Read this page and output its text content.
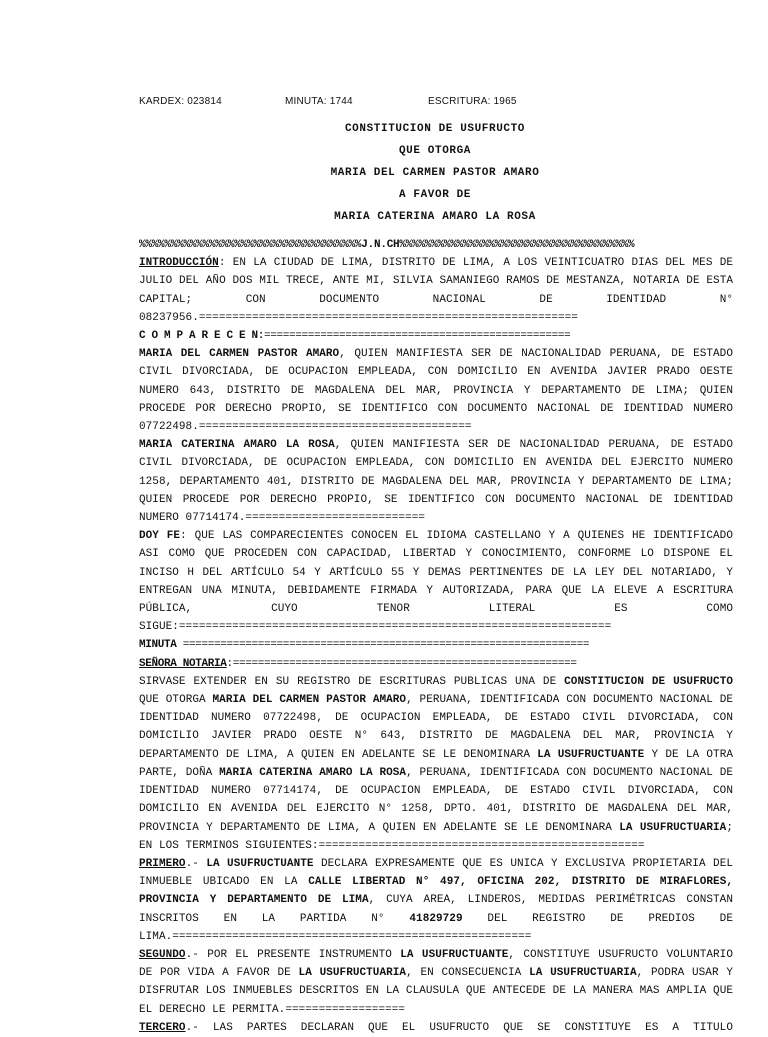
KARDEX: 023814	MINUTA: 1744	ESCRITURA: 1965
CONSTITUCION DE USUFRUCTO
QUE OTORGA
MARIA DEL CARMEN PASTOR AMARO
A FAVOR DE
MARIA CATERINA AMARO LA ROSA

%%%%%%%%%%%%%%%%%%%%%%%%%%%%%%%%%%%J.N.CH%%%%%%%%%%%%%%%%%%%%%%%%%%%%%%%%%%%%%

INTRODUCCIÓN: EN LA CIUDAD DE LIMA, DISTRITO DE LIMA, A LOS VEINTICUATRO DIAS DEL MES DE JULIO DEL AÑO DOS MIL TRECE, ANTE MI, SILVIA SAMANIEGO RAMOS DE MESTANZA, NOTARIA DE ESTA CAPITAL; CON DOCUMENTO NACIONAL DE IDENTIDAD N° 08237956.=========================================================

C O M P A R E C E N:=================================================

MARIA DEL CARMEN PASTOR AMARO, QUIEN MANIFIESTA SER DE NACIONALIDAD PERUANA, DE ESTADO CIVIL DIVORCIADA, DE OCUPACION EMPLEADA, CON DOMICILIO EN AVENIDA JAVIER PRADO OESTE NUMERO 643, DISTRITO DE MAGDALENA DEL MAR, PROVINCIA Y DEPARTAMENTO DE LIMA; QUIEN PROCEDE POR DERECHO PROPIO, SE IDENTIFICO CON DOCUMENTO NACIONAL DE IDENTIDAD NUMERO 07722498.=========================================

MARIA CATERINA AMARO LA ROSA, QUIEN MANIFIESTA SER DE NACIONALIDAD PERUANA, DE ESTADO CIVIL DIVORCIADA, DE OCUPACION EMPLEADA, CON DOMICILIO EN AVENIDA DEL EJERCITO NUMERO 1258, DEPARTAMENTO 401, DISTRITO DE MAGDALENA DEL MAR, PROVINCIA Y DEPARTAMENTO DE LIMA; QUIEN PROCEDE POR DERECHO PROPIO, SE IDENTIFICO CON DOCUMENTO NACIONAL DE IDENTIDAD NUMERO 07714174.===========================

DOY FE: QUE LAS COMPARECIENTES CONOCEN EL IDIOMA CASTELLANO Y A QUIENES HE IDENTIFICADO ASI COMO QUE PROCEDEN CON CAPACIDAD, LIBERTAD Y CONOCIMIENTO, CONFORME LO DISPONE EL INCISO H DEL ARTÍCULO 54 Y ARTÍCULO 55 Y DEMAS PERTINENTES DE LA LEY DEL NOTARIADO, Y ENTREGAN UNA MINUTA, DEBIDAMENTE FIRMADA Y AUTORIZADA, PARA QUE LA ELEVE A ESCRITURA PÚBLICA, CUYO TENOR LITERAL ES COMO SIGUE:=================================================================

MINUTA =================================================================

SEÑORA NOTARIA:=======================================================

SIRVASE EXTENDER EN SU REGISTRO DE ESCRITURAS PUBLICAS UNA DE CONSTITUCION DE USUFRUCTO QUE OTORGA MARIA DEL CARMEN PASTOR AMARO, PERUANA, IDENTIFICADA CON DOCUMENTO NACIONAL DE IDENTIDAD NUMERO 07722498, DE OCUPACION EMPLEADA, DE ESTADO CIVIL DIVORCIADA, CON DOMICILIO JAVIER PRADO OESTE N° 643, DISTRITO DE MAGDALENA DEL MAR, PROVINCIA Y DEPARTAMENTO DE LIMA, A QUIEN EN ADELANTE SE LE DENOMINARA LA USUFRUCTUANTE Y DE LA OTRA PARTE, DOÑA MARIA CATERINA AMARO LA ROSA, PERUANA, IDENTIFICADA CON DOCUMENTO NACIONAL DE IDENTIDAD NUMERO 07714174, DE OCUPACION EMPLEADA, DE ESTADO CIVIL DIVORCIADA, CON DOMICILIO EN AVENIDA DEL EJERCITO N° 1258, DPTO. 401, DISTRITO DE MAGDALENA DEL MAR, PROVINCIA Y DEPARTAMENTO DE LIMA, A QUIEN EN ADELANTE SE LE DENOMINARA LA USUFRUCTUARIA; EN LOS TERMINOS SIGUIENTES:=================================================

PRIMERO.- LA USUFRUCTUANTE DECLARA EXPRESAMENTE QUE ES UNICA Y EXCLUSIVA PROPIETARIA DEL INMUEBLE UBICADO EN LA CALLE LIBERTAD N° 497, OFICINA 202, DISTRITO DE MIRAFLORES, PROVINCIA Y DEPARTAMENTO DE LIMA, CUYA AREA, LINDEROS, MEDIDAS PERIMÉTRICAS CONSTAN INSCRITOS EN LA PARTIDA N° 41829729 DEL REGISTRO DE PREDIOS DE LIMA.======================================================

SEGUNDO.- POR EL PRESENTE INSTRUMENTO LA USUFRUCTUANTE, CONSTITUYE USUFRUCTO VOLUNTARIO DE POR VIDA A FAVOR DE LA USUFRUCTUARIA, EN CONSECUENCIA LA USUFRUCTUARIA, PODRA USAR Y DISFRUTAR LOS INMUEBLES DESCRITOS EN LA CLAUSULA QUE ANTECEDE DE LA MANERA MAS AMPLIA QUE EL DERECHO LE PERMITA.==================

TERCERO.- LAS PARTES DECLARAN QUE EL USUFRUCTO QUE SE CONSTITUYE ES A TITULO
